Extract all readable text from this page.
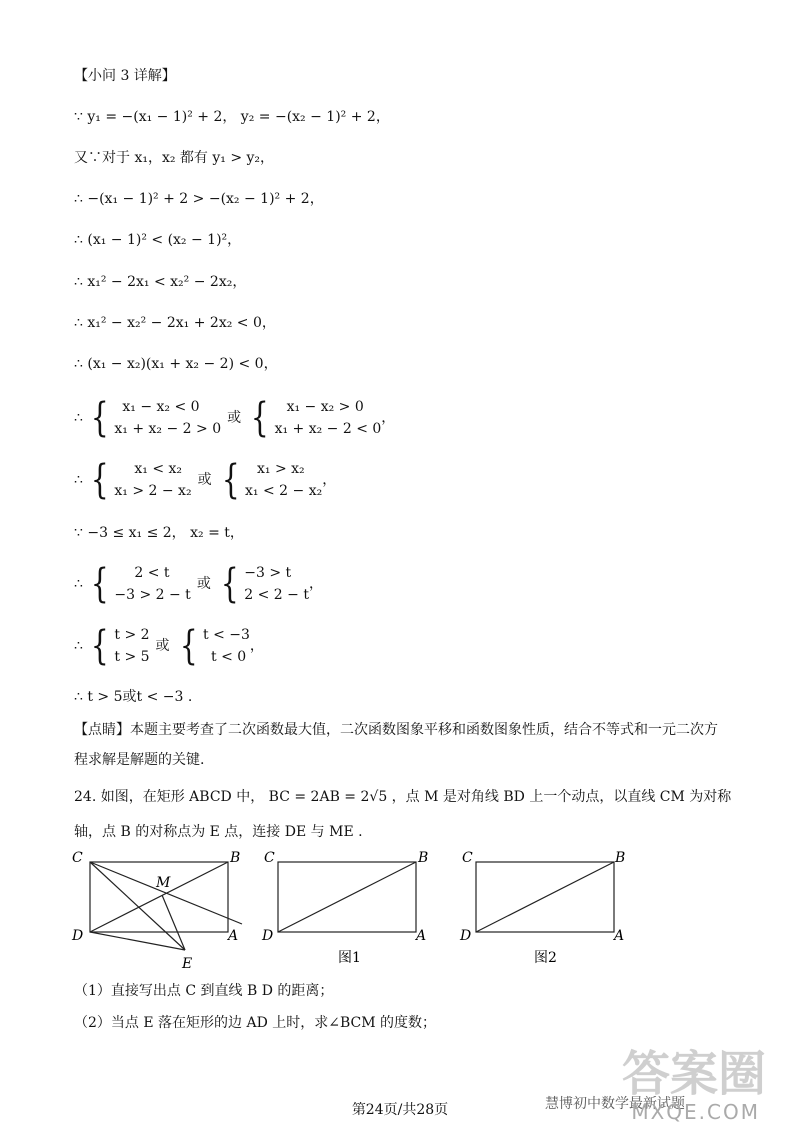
【小问 3 详解】
∵ y₁ = −(x₁ − 1)² + 2， y₂ = −(x₂ − 1)² + 2，
又∵对于 x₁，x₂ 都有 y₁ > y₂，
∴ −(x₁ − 1)² + 2 > −(x₂ − 1)² + 2，
∴ (x₁ − 1)² < (x₂ − 1)²，
∴ x₁² − 2x₁ < x₂² − 2x₂，
∴ x₁² − x₂² − 2x₁ + 2x₂ < 0，
∴ (x₁ − x₂)(x₁ + x₂ − 2) < 0，
∴ { x₁ − x₂ < 0
x₁ + x₂ − 2 > 0
或 {	x₁ − x₂ > 0
x₁ + x₂ − 2 < 0
，
∴ {	x₁ < x₂
x₁ > 2 − x₂
或 {	x₁ > x₂
x₁ < 2 − x₂
，
∵ −3 ≤ x₁ ≤ 2， x₂ = t，
∴ {	2 < t
−3 > 2 − t
或 { −3 > t
2 < 2 − t
，
∴ { t > 2
t > 5
或 { t < −3
t < 0
，
∴ t > 5或t < −3 .
【点睛】本题主要考查了二次函数最大值，二次函数图象平移和函数图象性质，结合不等式和一元二次方
程求解是解题的关键.
24. 如图，在矩形 ABCD 中， BC = 2AB = 2√5 ，点 M 是对角线 BD 上一个动点，以直线 CM 为对称
轴，点 B 的对称点为 E 点，连接 DE 与 ME .
C	B
M
D	A
E
C	B
D	A
图1
C	B
D	A
图2
（1）直接写出点 C 到直线 B D 的距离；
（2）当点 E 落在矩形的边 AD 上时，求∠BCM 的度数；
答案圈
慧博初中数学最新试题
MXQE.COM
第24页/共28页
